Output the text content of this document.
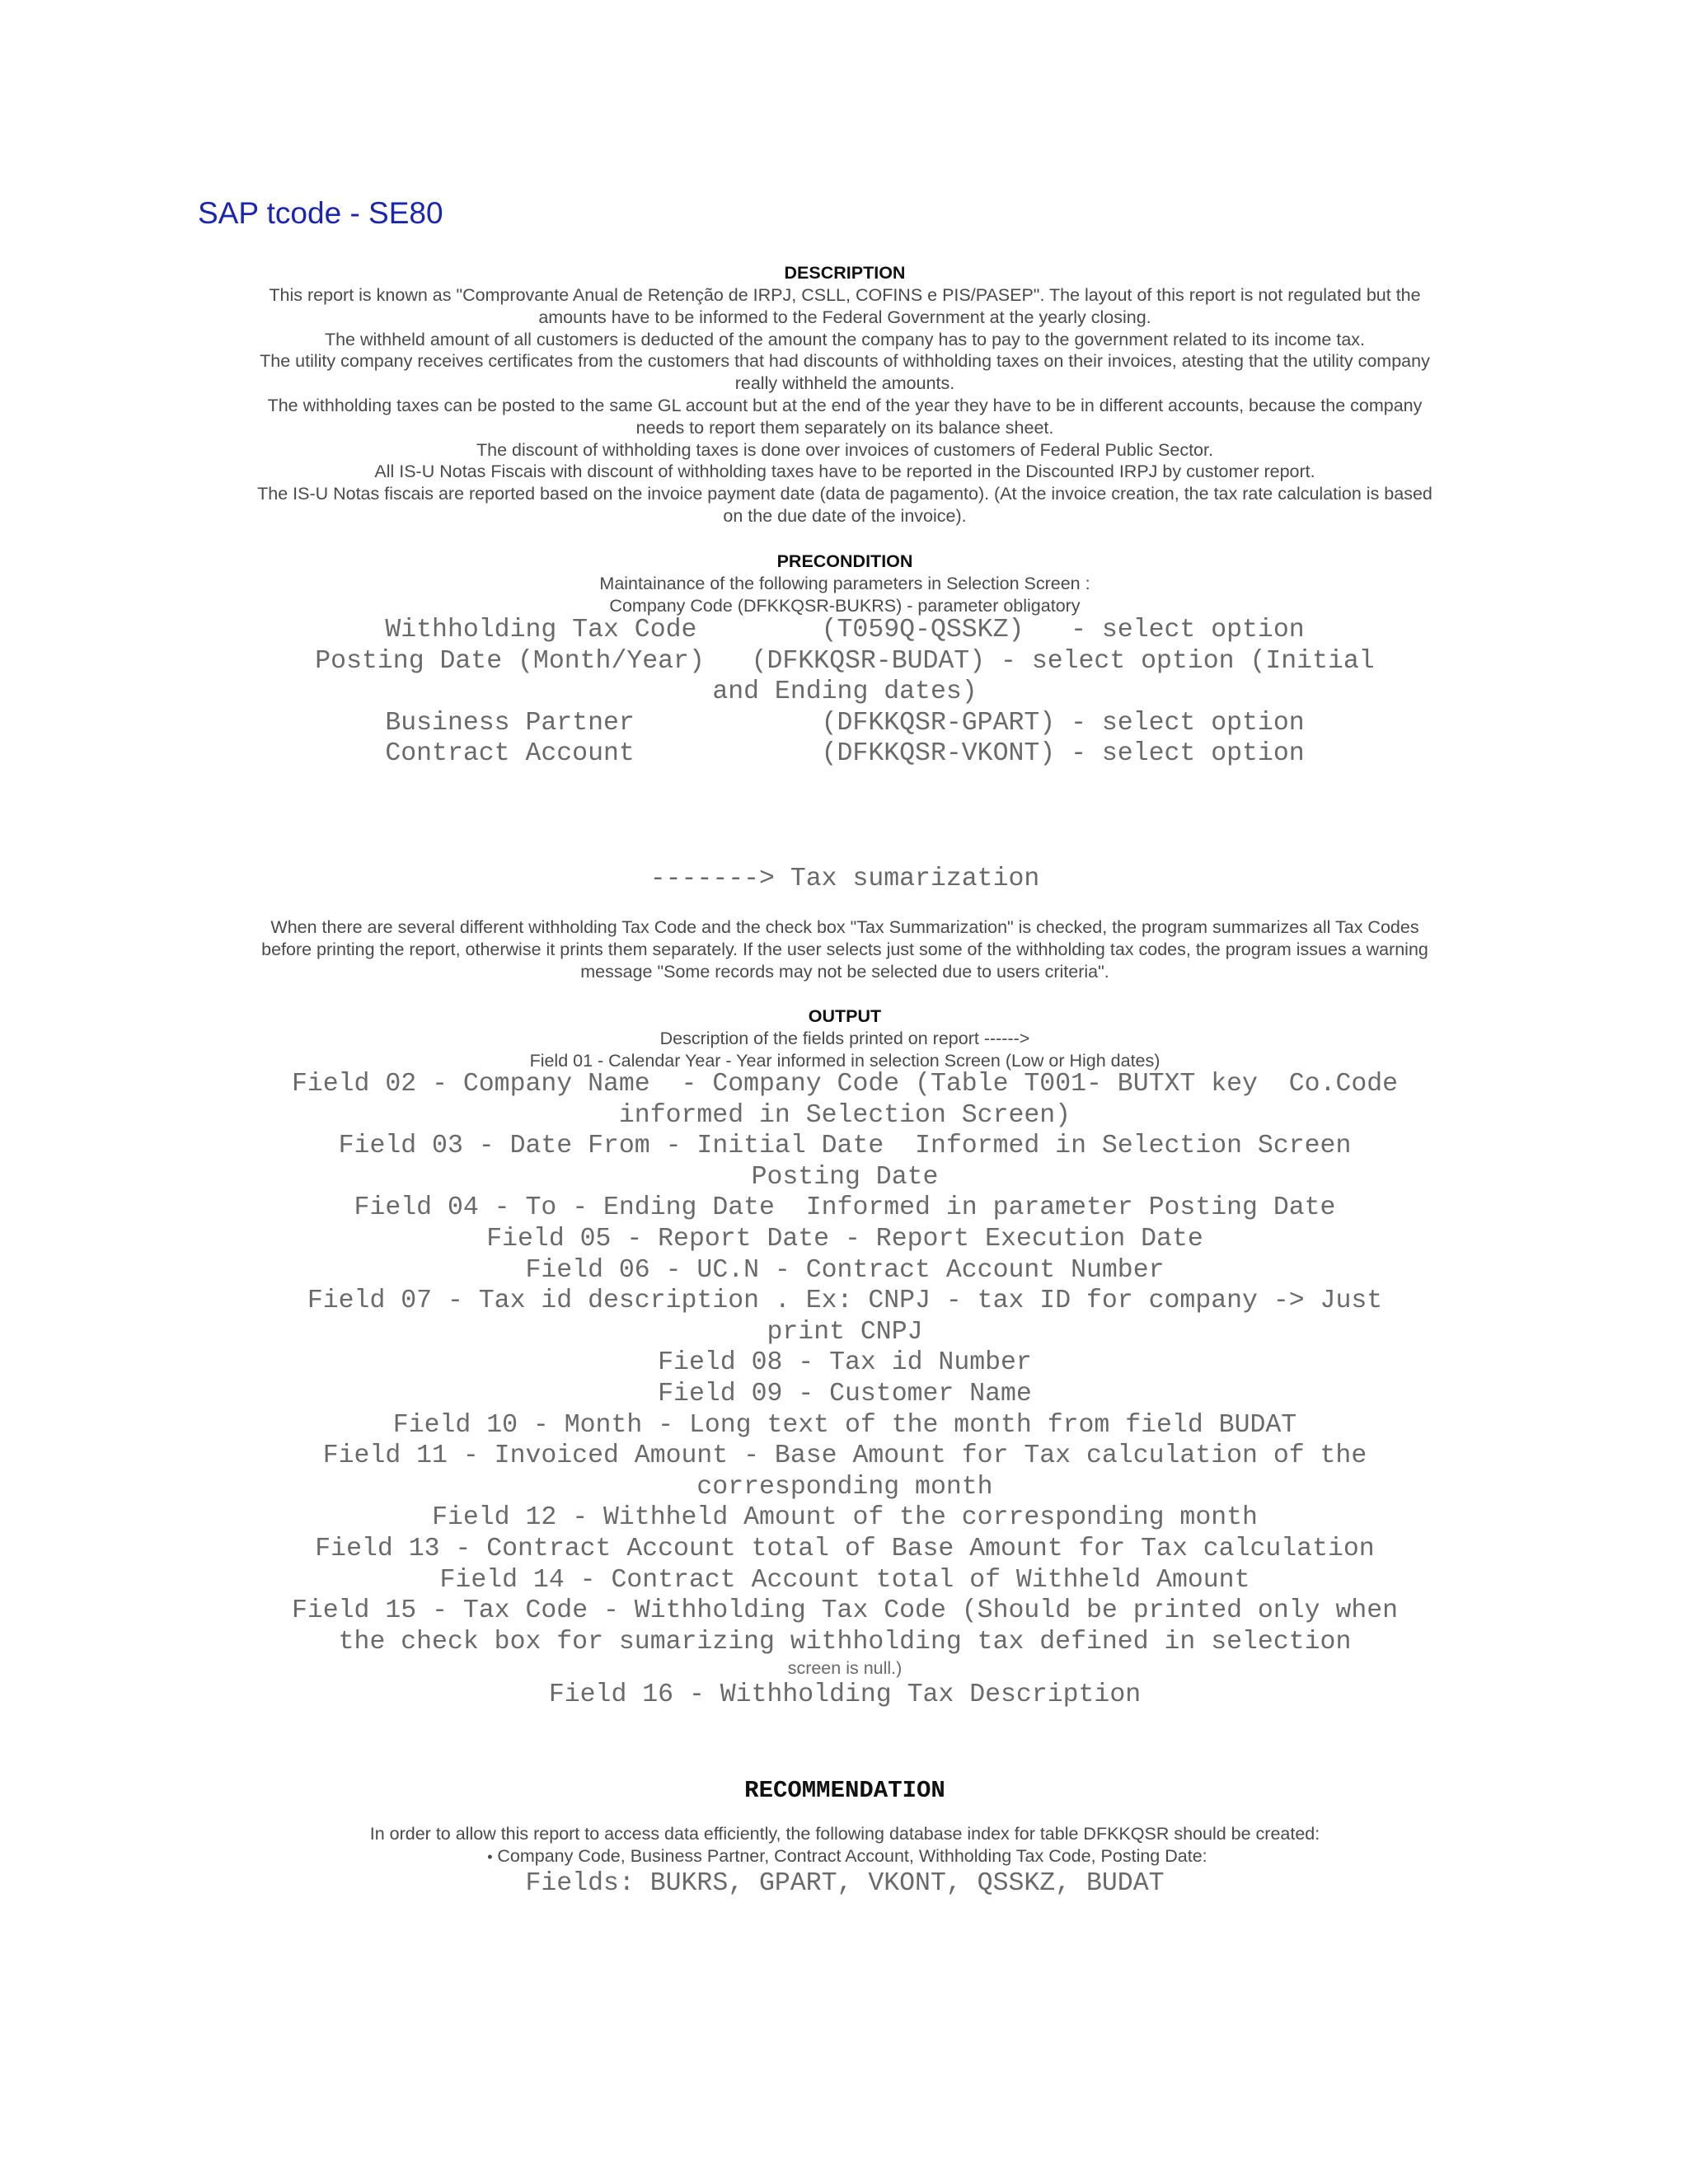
SAP tcode - SE80
DESCRIPTION
This report is known as "Comprovante Anual de Retenção de IRPJ, CSLL, COFINS e PIS/PASEP". The layout of this report is not regulated but the
amounts have to be informed to the Federal Government at the yearly closing.
The withheld amount of all customers is deducted of the amount the company has to pay to the government related to its income tax.
The utility company receives certificates from the customers that had discounts of withholding taxes on their invoices, atesting that the utility company
really withheld the amounts.
The withholding taxes can be posted to the same GL account but at the end of the year they have to be in different accounts, because the company
needs to report them separately on its balance sheet.
The discount of withholding taxes is done over invoices of customers of Federal Public Sector.
All IS-U Notas Fiscais with discount of withholding taxes have to be reported in the Discounted IRPJ by customer report.
The IS-U Notas fiscais are reported based on the invoice payment date (data de pagamento). (At the invoice creation, the tax rate calculation is based
on the due date of the invoice).
PRECONDITION
Maintainance of the following parameters in Selection Screen :
Company Code (DFKKQSR-BUKRS) - parameter obligatory
Withholding Tax Code        (T059Q-QSSKZ)   - select option
Posting Date (Month/Year)   (DFKKQSR-BUDAT) - select option (Initial
and Ending dates)
Business Partner            (DFKKQSR-GPART) - select option
Contract Account            (DFKKQSR-VKONT) - select option
-------> Tax sumarization
When there are several different withholding Tax Code and the check box "Tax Summarization" is checked, the program summarizes all Tax Codes
before printing the report, otherwise it prints them separately. If the user selects just some of the withholding tax codes, the program issues a warning
message "Some records may not be selected due to users criteria".
OUTPUT
Description of the fields printed on report ------>
Field 01 - Calendar Year - Year informed in selection Screen (Low or High dates)
Field 02 - Company Name  - Company Code (Table T001- BUTXT key  Co.Code
informed in Selection Screen)
Field 03 - Date From - Initial Date  Informed in Selection Screen
Posting Date
Field 04 - To - Ending Date  Informed in parameter Posting Date
Field 05 - Report Date - Report Execution Date
Field 06 - UC.N - Contract Account Number
Field 07 - Tax id description . Ex: CNPJ - tax ID for company -> Just
print CNPJ
Field 08 - Tax id Number
Field 09 - Customer Name
Field 10 - Month - Long text of the month from field BUDAT
Field 11 - Invoiced Amount - Base Amount for Tax calculation of the
corresponding month
Field 12 - Withheld Amount of the corresponding month
Field 13 - Contract Account total of Base Amount for Tax calculation
Field 14 - Contract Account total of Withheld Amount
Field 15 - Tax Code - Withholding Tax Code (Should be printed only when
the check box for sumarizing withholding tax defined in selection
screen is null.)
Field 16 - Withholding Tax Description
RECOMMENDATION
In order to allow this report to access data efficiently, the following database index for table DFKKQSR should be created:
• Company Code, Business Partner, Contract Account, Withholding Tax Code, Posting Date:
Fields: BUKRS, GPART, VKONT, QSSKZ, BUDAT
